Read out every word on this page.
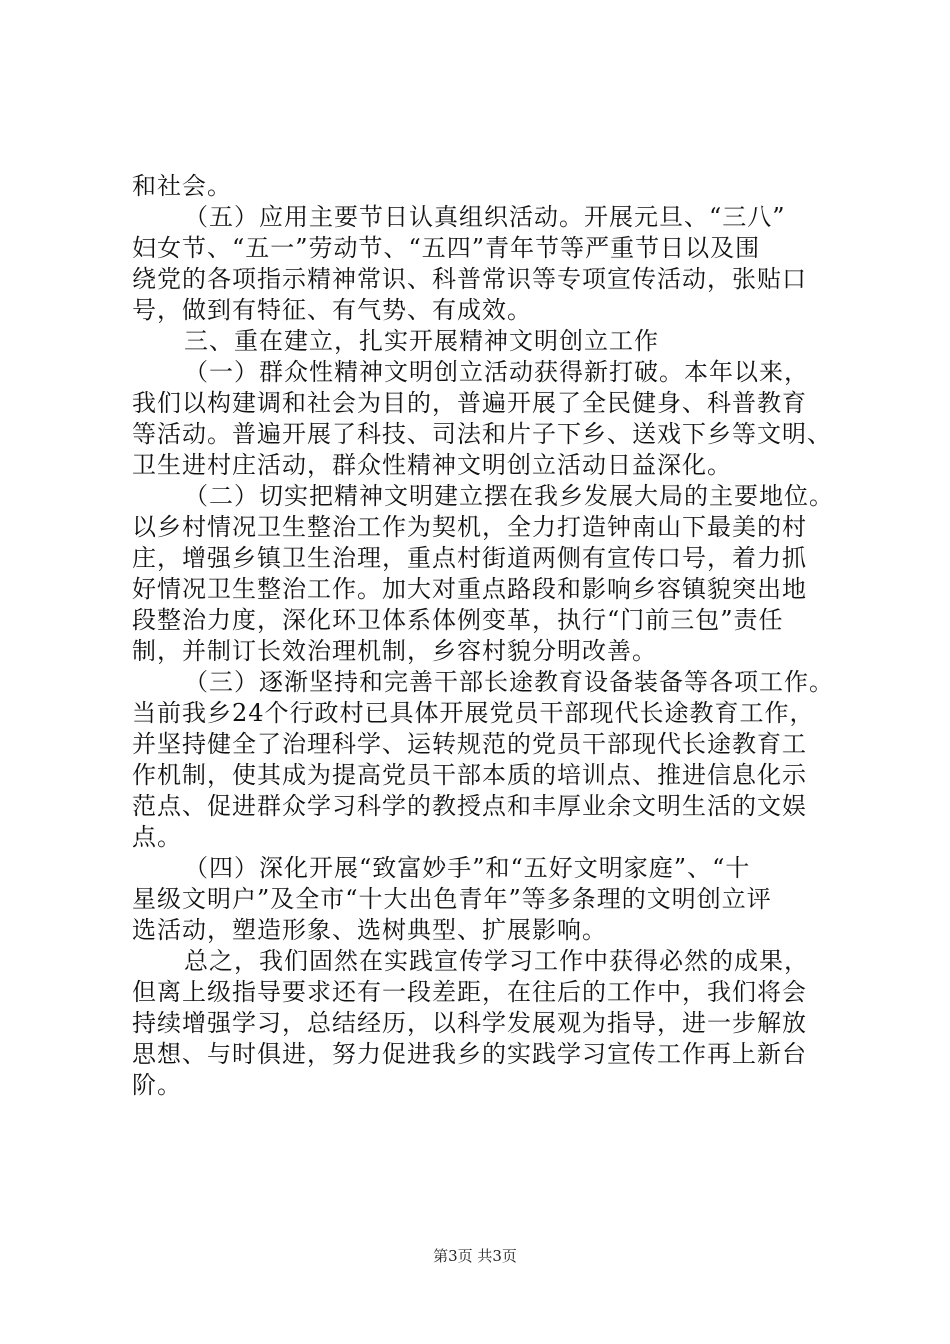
和社会。
（五）应用主要节日认真组织活动。开展元旦、“三八”
妇女节、“五一”劳动节、“五四”青年节等严重节日以及围
绕党的各项指示精神常识、科普常识等专项宣传活动，张贴口
号，做到有特征、有气势、有成效。
三、重在建立，扎实开展精神文明创立工作
（一）群众性精神文明创立活动获得新打破。本年以来，
我们以构建调和社会为目的，普遍开展了全民健身、科普教育
等活动。普遍开展了科技、司法和片子下乡、送戏下乡等文明、
卫生进村庄活动，群众性精神文明创立活动日益深化。
（二）切实把精神文明建立摆在我乡发展大局的主要地位。
以乡村情况卫生整治工作为契机，全力打造钟南山下最美的村
庄，增强乡镇卫生治理，重点村街道两侧有宣传口号，着力抓
好情况卫生整治工作。加大对重点路段和影响乡容镇貌突出地
段整治力度，深化环卫体系体例变革，执行“门前三包”责任
制，并制订长效治理机制，乡容村貌分明改善。
（三）逐渐坚持和完善干部长途教育设备装备等各项工作。
当前我乡24个行政村已具体开展党员干部现代长途教育工作，
并坚持健全了治理科学、运转规范的党员干部现代长途教育工
作机制，使其成为提高党员干部本质的培训点、推进信息化示
范点、促进群众学习科学的教授点和丰厚业余文明生活的文娱
点。
（四）深化开展“致富妙手”和“五好文明家庭”、“十
星级文明户”及全市“十大出色青年”等多条理的文明创立评
选活动，塑造形象、选树典型、扩展影响。
总之，我们固然在实践宣传学习工作中获得必然的成果，
但离上级指导要求还有一段差距，在往后的工作中，我们将会
持续增强学习，总结经历，以科学发展观为指导，进一步解放
思想、与时俱进，努力促进我乡的实践学习宣传工作再上新台
阶。
第3页 共3页
